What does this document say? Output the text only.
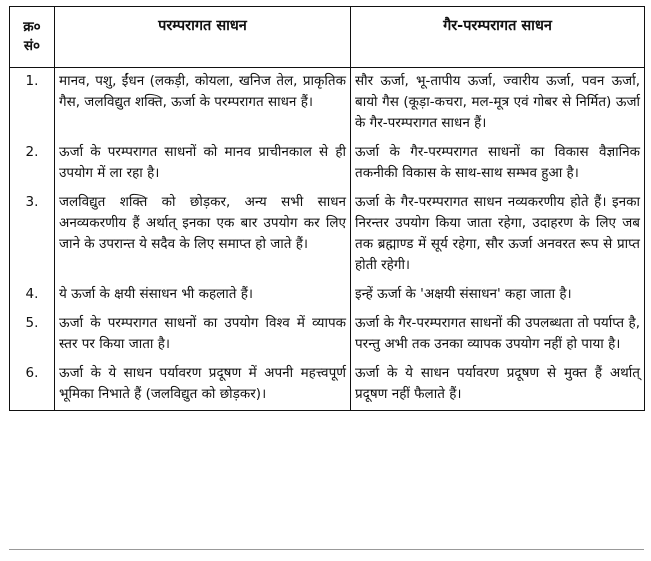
क्र० सं०	परम्परागत साधन	गैर-परम्परागत साधन
1.	मानव, पशु, ईंधन (लकड़ी, कोयला, खनिज तेल, प्राकृतिक गैस, जलविद्युत शक्ति, ऊर्जा के परम्परागत साधन हैं।	सौर ऊर्जा, भू-तापीय ऊर्जा, ज्वारीय ऊर्जा, पवन ऊर्जा, बायो गैस (कूड़ा-कचरा, मल-मूत्र एवं गोबर से निर्मित) ऊर्जा के गैर-परम्परागत साधन हैं।
2.	ऊर्जा के परम्परागत साधनों को मानव प्राचीनकाल से ही उपयोग में ला रहा है।	ऊर्जा के गैर-परम्परागत साधनों का विकास वैज्ञानिक तकनीकी विकास के साथ-साथ सम्भव हुआ है।
3.	जलविद्युत शक्ति को छोड़कर, अन्य सभी साधन अनव्यकरणीय हैं अर्थात् इनका एक बार उपयोग कर लिए जाने के उपरान्त ये सदैव के लिए समाप्त हो जाते हैं।	ऊर्जा के गैर-परम्परागत साधन नव्यकरणीय होते हैं। इनका निरन्तर उपयोग किया जाता रहेगा, उदाहरण के लिए जब तक ब्रह्माण्ड में सूर्य रहेगा, सौर ऊर्जा अनवरत रूप से प्राप्त होती रहेगी।
4.	ये ऊर्जा के क्षयी संसाधन भी कहलाते हैं।	इन्हें ऊर्जा के 'अक्षयी संसाधन' कहा जाता है।
5.	ऊर्जा के परम्परागत साधनों का उपयोग विश्व में व्यापक स्तर पर किया जाता है।	ऊर्जा के गैर-परम्परागत साधनों की उपलब्धता तो पर्याप्त है, परन्तु अभी तक उनका व्यापक उपयोग नहीं हो पाया है।
6.	ऊर्जा के ये साधन पर्यावरण प्रदूषण में अपनी महत्त्वपूर्ण भूमिका निभाते हैं (जलविद्युत को छोड़कर)।	ऊर्जा के ये साधन पर्यावरण प्रदूषण से मुक्त हैं अर्थात् प्रदूषण नहीं फैलाते हैं।
